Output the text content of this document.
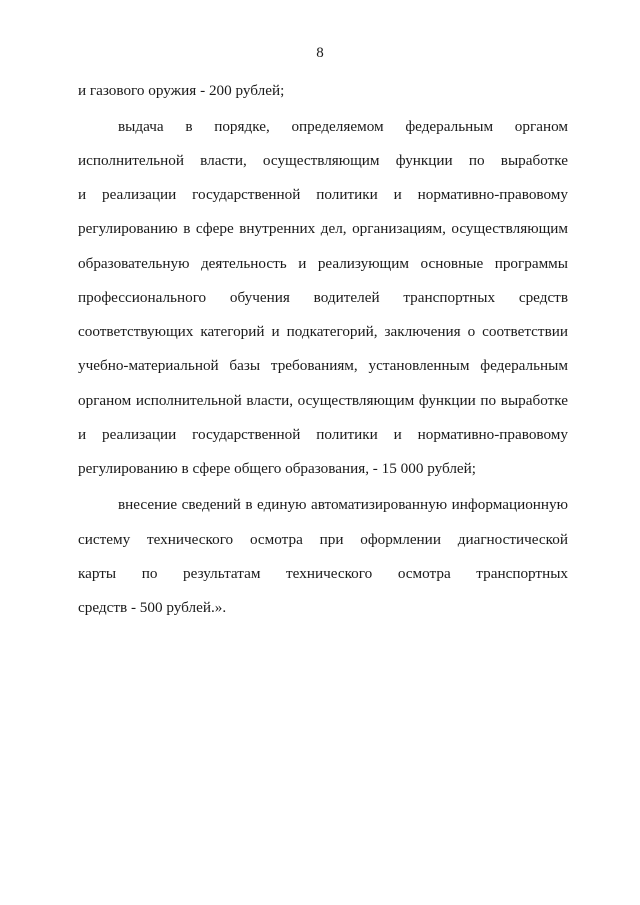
8
и газового оружия - 200 рублей;
выдача в порядке, определяемом федеральным органом
исполнительной власти, осуществляющим функции по выработке
и реализации государственной политики и нормативно-правовому
регулированию в сфере внутренних дел, организациям, осуществляющим
образовательную деятельность и реализующим основные программы
профессионального обучения водителей транспортных средств
соответствующих категорий и подкатегорий, заключения о соответствии
учебно-материальной базы требованиям, установленным федеральным
органом исполнительной власти, осуществляющим функции по выработке
и реализации государственной политики и нормативно-правовому
регулированию в сфере общего образования, - 15 000 рублей;
внесение сведений в единую автоматизированную информационную
систему технического осмотра при оформлении диагностической
карты по результатам технического осмотра транспортных
средств - 500 рублей.».
